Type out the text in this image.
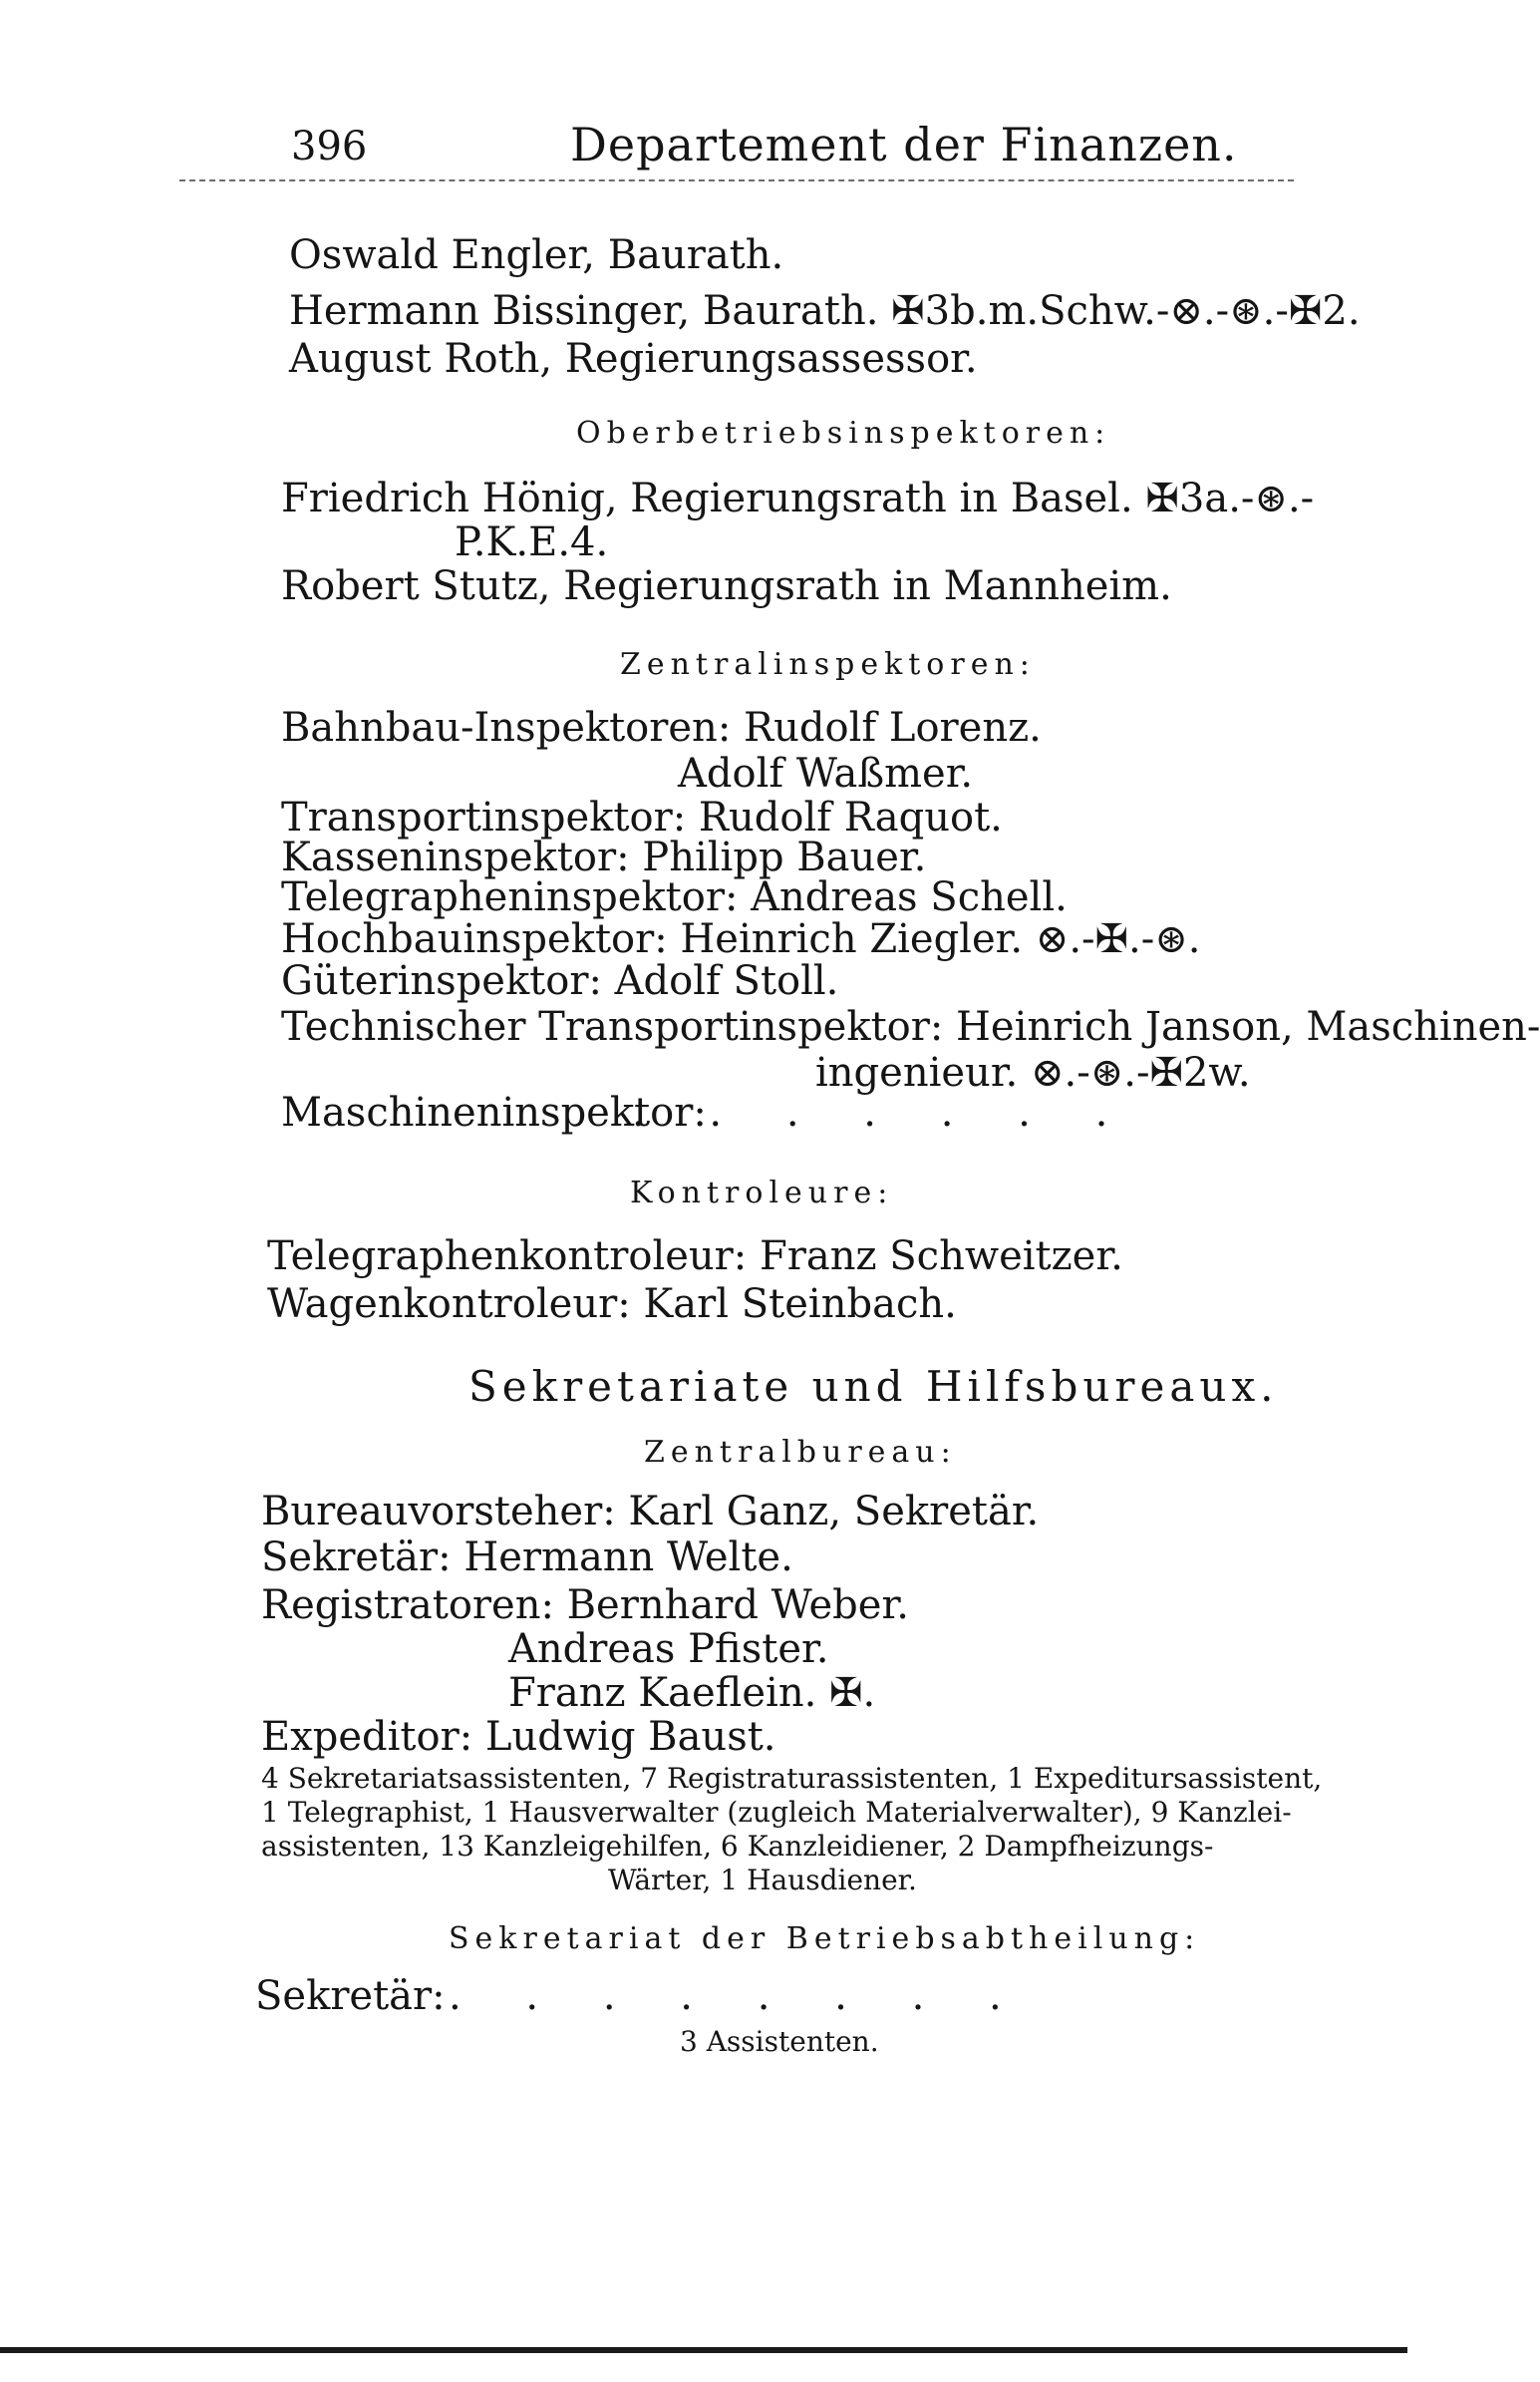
396	Departement der Finanzen.
Oswald Engler, Baurath.
Hermann Bissinger, Baurath. ✠3b.m.Schw.-⊗.-⊛.-✠2.
August Roth, Regierungsassessor.
Oberbetriebsinspektoren:
Friedrich Hönig, Regierungsrath in Basel. ✠3a.-⊛.-
P.K.E.4.
Robert Stutz, Regierungsrath in Mannheim.
Zentralinspektoren:
Bahnbau-Inspektoren: Rudolf Lorenz.
Adolf Waßmer.
Transportinspektor: Rudolf Raquot.
Kasseninspektor: Philipp Bauer.
Telegrapheninspektor: Andreas Schell.
Hochbauinspektor: Heinrich Ziegler. ⊗.-✠.-⊛.
Güterinspektor: Adolf Stoll.
Technischer Transportinspektor: Heinrich Janson, Maschinen-
ingenieur. ⊗.-⊛.-✠2w.
Maschineninspektor:
. . . . . . .
Kontroleure:
Telegraphenkontroleur: Franz Schweitzer.
Wagenkontroleur: Karl Steinbach.
Sekretariate und Hilfsbureaux.
Zentralbureau:
Bureauvorsteher: Karl Ganz, Sekretär.
Sekretär: Hermann Welte.
Registratoren: Bernhard Weber.
Andreas Pfister.
Franz Kaeflein. ✠.
Expeditor: Ludwig Baust.
4 Sekretariatsassistenten, 7 Registraturassistenten, 1 Expeditursassistent,
1 Telegraphist, 1 Hausverwalter (zugleich Materialverwalter), 9 Kanzlei-
assistenten, 13 Kanzleigehilfen, 6 Kanzleidiener, 2 Dampfheizungs-
Wärter, 1 Hausdiener.
Sekretariat der Betriebsabtheilung:
Sekretär: . . . . . . . .
3 Assistenten.
